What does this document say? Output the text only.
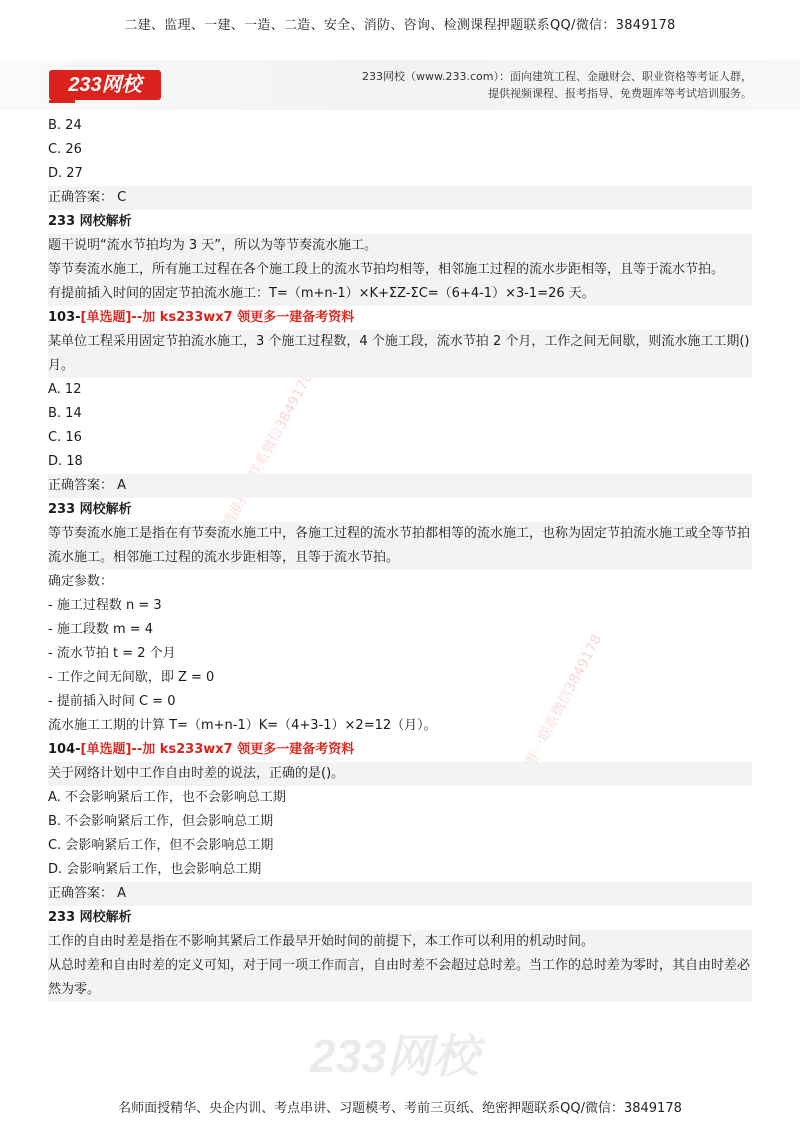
二建、监理、一建、一造、二造、安全、消防、咨询、检测课程押题联系QQ/微信：3849178
233网校	233网校（www.233.com）：面向建筑工程、金融财会、职业资格等考证人群，
提供视频课程、报考指导、免费题库等考试培训服务。
精准押题联系微信3849178
唯一联系微信3849178

B. 24

C. 26

D. 27

正确答案： C

233 网校解析

题干说明“流水节拍均为 3 天”，所以为等节奏流水施工。

等节奏流水施工，所有施工过程在各个施工段上的流水节拍均相等，相邻施工过程的流水步距相等，且等于流水节拍。

有提前插入时间的固定节拍流水施工：T=（m+n-1）×K+ΣZ-ΣC=（6+4-1）×3-1=26 天。

103-[单选题]--加 ks233wx7 领更多一建备考资料

某单位工程采用固定节拍流水施工，3 个施工过程数，4 个施工段，流水节拍 2 个月，工作之间无间歇，则流水施工工期()月。

A. 12

B. 14

C. 16

D. 18

正确答案： A

233 网校解析

等节奏流水施工是指在有节奏流水施工中，各施工过程的流水节拍都相等的流水施工，也称为固定节拍流水施工或全等节拍流水施工。相邻施工过程的流水步距相等，且等于流水节拍。

确定参数：

- 施工过程数 n = 3

- 施工段数 m = 4

- 流水节拍 t = 2 个月

- 工作之间无间歇，即 Z = 0

- 提前插入时间 C = 0

流水施工工期的计算 T=（m+n-1）K=（4+3-1）×2=12（月）。

104-[单选题]--加 ks233wx7 领更多一建备考资料

关于网络计划中工作自由时差的说法，正确的是()。

A. 不会影响紧后工作，也不会影响总工期

B. 不会影响紧后工作，但会影响总工期

C. 会影响紧后工作，但不会影响总工期

D. 会影响紧后工作，也会影响总工期

正确答案： A

233 网校解析

工作的自由时差是指在不影响其紧后工作最早开始时间的前提下，本工作可以利用的机动时间。

从总时差和自由时差的定义可知，对于同一项工作而言，自由时差不会超过总时差。当工作的总时差为零时，其自由时差必然为零。

233网校
名师面授精华、央企内训、考点串讲、习题模考、考前三页纸、绝密押题联系QQ/微信：3849178
